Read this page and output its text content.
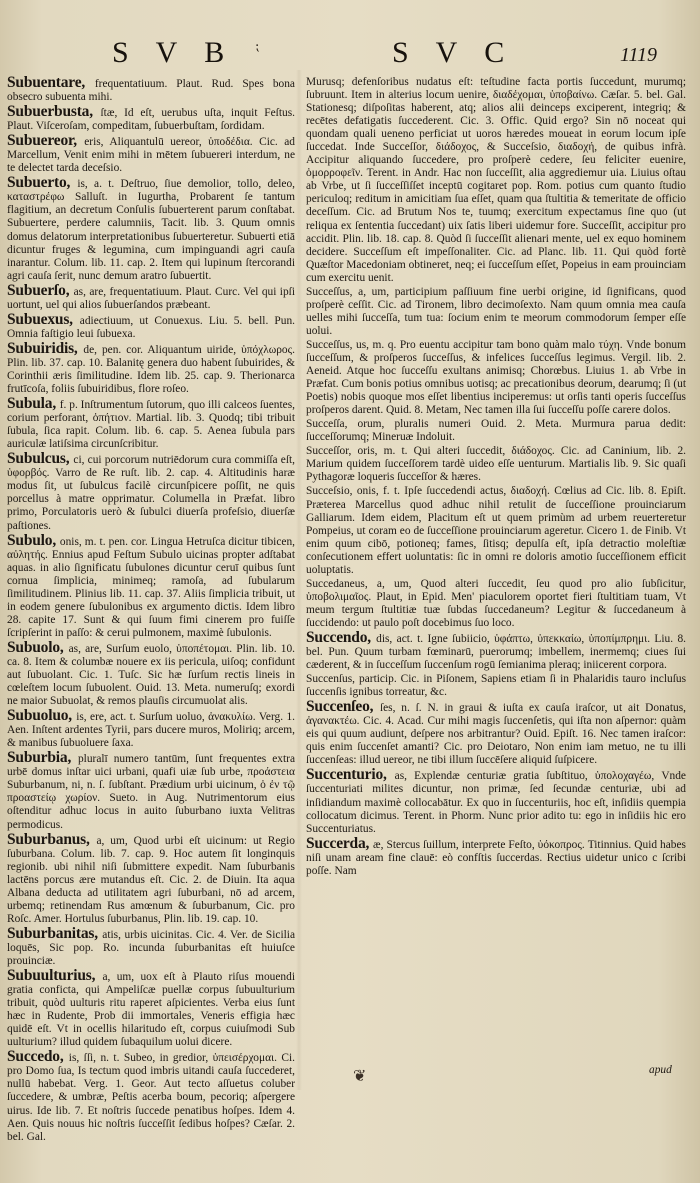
S V B ⁏	S V C	1119

Subuentare, frequentatiuum. Plaut. Rud. Spes bona obsecro subuenta mihi.

Subuerbusta, ſtæ, Id eſt, uerubus uſta, inquit Feſtus. Plaut. Viſceroſam, compeditam, ſubuerbuſtam, ſordidam.

Subuereor, eris, Aliquantulū uereor, ὑποδέδια. Cic. ad Marcellum, Venit enim mihi in mētem ſubuereri interdum, ne te delectet tarda deceſsio.

Subuerto, is, a. t. Deſtruo, ſiue demolior, tollo, deleo, καταστρέφω Salluſt. in Iugurtha, Probarent ſe tantum flagitium, an decretum Conſulis ſubuerterent parum conſtabat. Subuertere, perdere calumniis, Tacit. lib. 3. Quum omnis domus delatorum interpretationibus ſubuerteretur. Subuerti etiā dicuntur fruges & legumina, cum impinguandi agri cauſa inarantur. Colum. lib. 11. cap. 2. Item qui lupinum ſtercorandi agri cauſa ſerit, nunc demum aratro ſubuertit.

Subuerſo, as, are, frequentatiuum. Plaut. Curc. Vel qui ipſi uortunt, uel qui alios ſubuerſandos præbeant.

Subuexus, adiectiuum, ut Conuexus. Liu. 5. bell. Pun. Omnia faſtigio leui ſubuexa.

Subuiridis, de, pen. cor. Aliquantum uiride, ὑπόχλωρος. Plin. lib. 37. cap. 10. Balanitę genera duo habent ſubuirides, & Corinthii æris ſimilitudine. Idem lib. 25. cap. 9. Therionarca frutīcoſa, foliis ſubuiridibus, flore roſeo.

Subula, f. p. Inſtrumentum ſutorum, quo illi calceos ſuentes, corium perforant, ὀπήτιον. Martial. lib. 3. Quodq; tibi tribuit ſubula, ſica rapit. Colum. lib. 6. cap. 5. Aenea ſubula pars auriculæ latiſsima circunſcribitur.

Subulcus, ci, cui porcorum nutriēdorum cura commiſſa eſt, ὑφορβός. Varro de Re ruſt. lib. 2. cap. 4. Altitudinis haræ modus ſit, ut ſubulcus facilè circunſpicere poſſit, ne quis porcellus à matre opprimatur. Columella in Præfat. libro primo, Porculatoris uerò & ſubulci diuerſa profeſsio, diuerſæ paſtiones.

Subulo, onis, m. t. pen. cor. Lingua Hetruſca dicitur tibicen, αὐλητής. Ennius apud Feſtum Subulo uicinas propter adſtabat aquas. in alio ſignificatu ſubulones dicuntur ceruī quibus ſunt cornua ſimplicia, minimeq; ramoſa, ad ſubularum ſimilitudinem. Plinius lib. 11. cap. 37. Aliis ſimplicia tribuit, ut in eodem genere ſubulonibus ex argumento dictis. Idem libro 28. capite 17. Sunt & qui ſuum fimi cinerem pro fuiſſe ſcripſerint in paſſo: & cerui pulmonem, maximè ſubulonis.

Subuolo, as, are, Surſum euolo, ὑποπέτομαι. Plin. lib. 10. ca. 8. Item & columbæ nouere ex iis pericula, uiſoq; confidunt aut ſubuolant. Cic. 1. Tuſc. Sic hæ ſurſum rectis lineis in cœleſtem locum ſubuolent. Ouid. 13. Meta. numeruſq; exordi ne maior Subuolat, & remos plauſis circumuolat alis.

Subuoluo, is, ere, act. t. Surſum uoluo, ἀνακυλίω. Verg. 1. Aen. Inſtent ardentes Tyrii, pars ducere muros, Moliriq; arcem, & manibus ſubuoluere ſaxa.

Suburbia, pluralī numero tantūm, ſunt frequentes extra urbē domus inſtar uici urbani, quafi uiæ ſub urbe, προάστεια Suburbanum, ni, n. ſ. ſubſtant. Prædium urbi uicinum, ὁ ἐν τῷ προαστείῳ χωρίον. Sueto. in Aug. Nutrimentorum eius oſtenditur adhuc locus in auito ſuburbano iuxta Velitras permodicus.

Suburbanus, a, um, Quod urbi eſt uicinum: ut Regio ſuburbana. Colum. lib. 7. cap. 9. Hoc autem ſit longinquis regionib. ubi nihil niſi ſubmittere expedit. Nam ſuburbanis lactēns porcus ære mutandus eſt. Cic. 2. de Diuin. Ita aqua Albana deducta ad utilitatem agri ſuburbani, nō ad arcem, urbemq; retinendam Rus amœnum & ſuburbanum, Cic. pro Roſc. Amer. Hortulus ſuburbanus, Plin. lib. 19. cap. 10.

Suburbanitas, atis, urbis uicinitas. Cic. 4. Ver. de Sicilia loquēs, Sic pop. Ro. incunda ſuburbanitas eſt huiuſce prouinciæ.

Subuulturius, a, um, uox eſt à Plauto riſus mouendi gratia conficta, qui Ampeliſcæ puellæ corpus ſubuulturium tribuit, quòd uulturis ritu raperet aſpicientes. Verba eius ſunt hæc in Rudente, Prob dii immortales, Veneris effigia hæc quidē eſt. Vt in ocellis hilaritudo eſt, corpus cuiuſmodi Sub uulturium? illud quidem ſubaquilum uolui dicere.

Succedo, is, ſſi, n. t. Subeo, in gredior, ὑπεισέρχομαι. Ci. pro Domo ſua, Is tectum quod imbris uitandi cauſa ſuccederet, nullū habebat. Verg. 1. Geor. Aut tecto aſſuetus coluber ſuccedere, & umbræ, Peſtis acerba boum, pecoriq; aſpergere uirus. Ide lib. 7. Et noſtris ſuccede penatibus hoſpes. Idem 4. Aen. Quis nouus hic noſtris ſucceſſit ſedibus hoſpes? Cæſar. 2. bel. Gal.

Murusq; defenſoribus nudatus eſt: teſtudine facta portis ſuccedunt, murumq; ſubruunt. Item in alterius locum uenire, διαδέχομαι, ὑποβαίνω. Cæſar. 5. bel. Gal. Stationesq; diſpoſitas haberent, atq; alios alii deinceps exciperent, integriq; & recētes defatigatis ſuccederent. Cic. 3. Offic. Quid ergo? Sin nō noceat qui quondam quali ueneno perficiat ut uoros hæredes moueat in eorum locum ipſe ſuccedat. Inde Succeſſor, διάδοχος, & Succeſsio, διαδοχή, de quibus infrà. Accipitur aliquando ſuccedere, pro proſperè cedere, ſeu feliciter euenire, ὁμορροφεῖν. Terent. in Andr. Hac non ſucceſſit, alia aggrediemur uia. Liuius oſtau ab Vrbe, ut ſi ſucceſſiſſet inceptū cogitaret pop. Rom. potius cum quanto ſtudio periculoq; reditum in amicitiam ſua eſſet, quam qua ſtultitia & temeritate de officio deceſſum. Cic. ad Brutum Nos te, tuumq; exercitum expectamus ſine quo (ut reliqua ex ſententia ſuccedant) uix ſatis liberi uidemur fore. Succeſſit, accipitur pro accidit. Plin. lib. 18. cap. 8. Quòd ſi ſucceſſit alienari mente, uel ex equo hominem decidere. Succeſſum eſt impeſſonaliter. Cic. ad Planc. lib. 11. Qui quòd fortè Quæſtor Macedoniam obtineret, neq; ei ſucceſſum eſſet, Popeius in eam prouinciam cum exercitu uenit.

Succeſſus, a, um, participium paſſiuum fine uerbi origine, id ſignificans, quod proſperè ceſſit. Cic. ad Tironem, libro decimoſexto. Nam quum omnia mea cauſa uelles mihi ſucceſſa, tum tua: ſocium enim te meorum commodorum ſemper eſſe uolui.

Succeſſus, us, m. q. Pro euentu accipitur tam bono quàm malo τύχη. Vnde bonum ſucceſſum, & proſperos ſucceſſus, & infelices ſucceſſus legimus. Vergil. lib. 2. Aeneid. Atque hoc ſucceſſu exultans animisq; Chorœbus. Liuius 1. ab Vrbe in Præfat. Cum bonis potius omnibus uotisq; ac precationibus deorum, dearumq; ſi (ut Poetis) nobis quoque mos eſſet libentius inciperemus: ut orſis tanti operis ſucceſſus proſperos darent. Quid. 8. Metam, Nec tamen illa ſui ſucceſſu poſſe carere dolos.

Succeſſa, orum, pluralis numeri Ouid. 2. Meta. Murmura parua dedit: ſucceſſorumq; Mineruæ Indoluit.

Succeſſor, oris, m. t. Qui alteri ſuccedit, διάδοχος. Cic. ad Caninium, lib. 2. Marium quidem ſucceſſorem tardè uideo eſſe uenturum. Martialis lib. 9. Sic quaſi Pythagoræ loqueris ſucceſſor & hæres.

Succeſsio, onis, f. t. Ipſe ſuccedendi actus, διαδοχή. Cœlius ad Cic. lib. 8. Epiſt. Præterea Marcellus quod adhuc nihil retulit de ſucceſſione prouinciarum Galliarum. Idem eidem, Placitum eſt ut quem primùm ad urbem reuerteretur Pompeius, ut coram eo de ſucceſſione prouinciarum ageretur. Cicero 1. de Finib. Vt enim quum cibō, potioneq; fames, ſitisq; depulſa eſt, ipſa detractio moleſtiæ conſecutionem effert uoluntatis: ſic in omni re doloris amotio ſucceſſionem efficit uoluptatis.

Succedaneus, a, um, Quod alteri ſuccedit, ſeu quod pro alio ſubſicitur, ὑποβολιμαῖος. Plaut, in Epid. Men' piaculorem oportet fieri ſtultitiam tuam, Vt meum tergum ſtultitiæ tuæ ſubdas ſuccedaneum? Legitur & ſuccedaneum à ſuccidendo: ut paulo poſt docebimus ſuo loco.

Succendo, dis, act. t. Igne ſubiicio, ὑφάπτω, ὑπεκκαίω, ὑποπίμπρημι. Liu. 8. bel. Pun. Quum turbam fœminarū, puerorumq; imbellem, inermemq; ciues ſui cæderent, & in ſucceſſum ſuccenſum rogū ſemianima pleraq; iniicerent corpora.

Succenſus, particip. Cic. in Piſonem, Sapiens etiam ſi in Phalaridis tauro incluſus ſuccenſis ignibus torreatur, &c.

Succenſeo, ſes, n. ſ. N. in graui & iuſta ex cauſa iraſcor, ut ait Donatus, ἀγανακτέω. Cic. 4. Acad. Cur mihi magis ſuccenſetis, qui iſta non aſpernor: quàm eis qui quum audiunt, deſpere nos arbitrantur? Ouid. Epiſt. 16. Nec tamen iraſcor: quis enim ſuccenſet amanti? Cic. pro Deiotaro, Non enim iam metuo, ne tu illi ſuccenſeas: illud uereor, ne tibi illum ſuccēſere aliquid ſuſpicere.

Succenturio, as, Explendæ centuriæ gratia ſubſtituo, ὑπολοχαγέω, Vnde ſuccenturiati milites dicuntur, non primæ, ſed ſecundæ centuriæ, ubi ad inſidiandum maximè collocabātur. Ex quo in ſuccenturiis, hoc eſt, inſidiis quempia collocatum dicimus. Terent. in Phorm. Nunc prior adito tu: ego in inſidiis hic ero Succenturiatus.

Succerda, æ, Stercus ſuillum, interprete Feſto, ὑόκοπρος. Titinnius. Quid habes niſi unam aream fine clauē: eò confſtis ſuccerdas. Rectius uidetur unico c ſcribi poſſe. Nam

❦	apud
